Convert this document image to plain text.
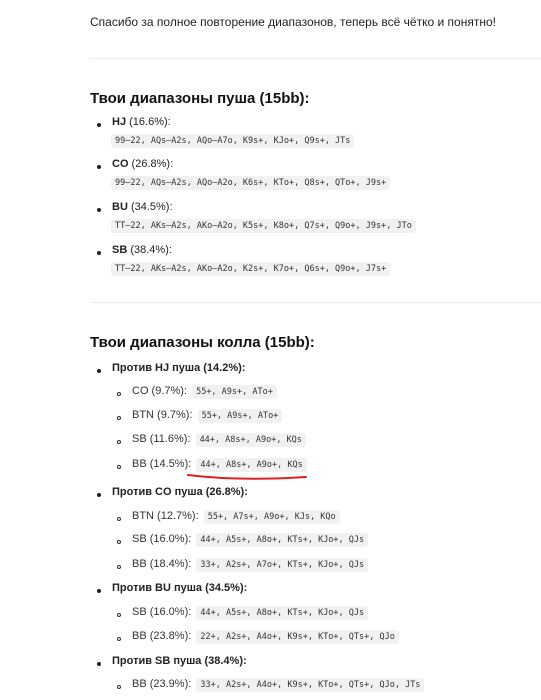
Спасибо за полное повторение диапазонов, теперь всё чётко и понятно!
Твои диапазоны пуша (15bb):
HJ (16.6%):
99–22, AQs–A2s, AQo–A7o, K9s+, KJo+, Q9s+, JTs
CO (26.8%):
99–22, AQs–A2s, AQo–A2o, K6s+, KTo+, Q8s+, QTo+, J9s+
BU (34.5%):
TT–22, AKs–A2s, AKo–A2o, K5s+, K8o+, Q7s+, Q9o+, J9s+, JTo
SB (38.4%):
TT–22, AKs–A2s, AKo–A2o, K2s+, K7o+, Q6s+, Q9o+, J7s+
Твои диапазоны колла (15bb):
Против HJ пуша (14.2%):
CO (9.7%): 55+, A9s+, ATo+
BTN (9.7%): 55+, A9s+, ATo+
SB (11.6%): 44+, A8s+, A9o+, KQs
BB (14.5%): 44+, A8s+, A9o+, KQs
Против CO пуша (26.8%):
BTN (12.7%): 55+, A7s+, A9o+, KJs, KQo
SB (16.0%): 44+, A5s+, A8o+, KTs+, KJo+, QJs
BB (18.4%): 33+, A2s+, A7o+, KTs+, KJo+, QJs
Против BU пуша (34.5%):
SB (16.0%): 44+, A5s+, A8o+, KTs+, KJo+, QJs
BB (23.8%): 22+, A2s+, A4o+, K9s+, KTo+, QTs+, QJo
Против SB пуша (38.4%):
BB (23.9%): 33+, A2s+, A4o+, K9s+, KTo+, QTs+, QJo, JTs
